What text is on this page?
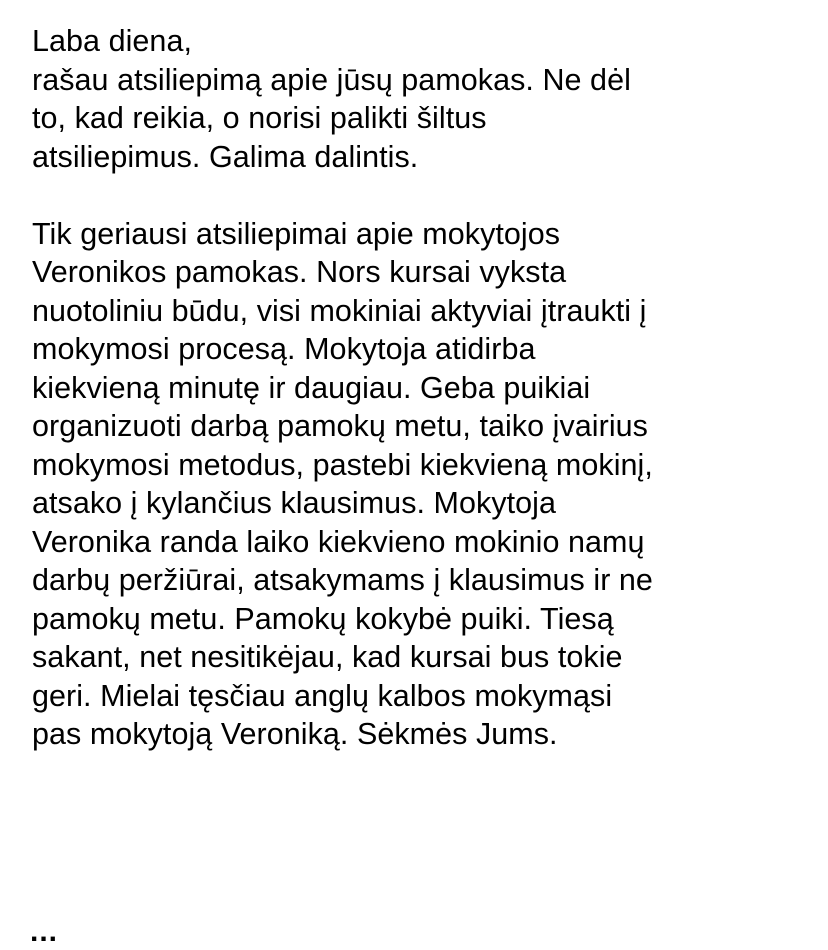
Laba diena,
rašau atsiliepimą apie jūsų pamokas. Ne dėl
to, kad reikia, o norisi palikti šiltus
atsiliepimus. Galima dalintis.
Tik geriausi atsiliepimai apie mokytojos
Veronikos pamokas. Nors kursai vyksta
nuotoliniu būdu, visi mokiniai aktyviai įtraukti į
mokymosi procesą. Mokytoja atidirba
kiekvieną minutę ir daugiau. Geba puikiai
organizuoti darbą pamokų metu, taiko įvairius
mokymosi metodus, pastebi kiekvieną mokinį,
atsako į kylančius klausimus. Mokytoja
Veronika randa laiko kiekvieno mokinio namų
darbų peržiūrai, atsakymams į klausimus ir ne
pamokų metu. Pamokų kokybė puiki. Tiesą
sakant, net nesitikėjau, kad kursai bus tokie
geri. Mielai tęsčiau anglų kalbos mokymąsi
pas mokytoją Veroniką. Sėkmės Jums.
...
